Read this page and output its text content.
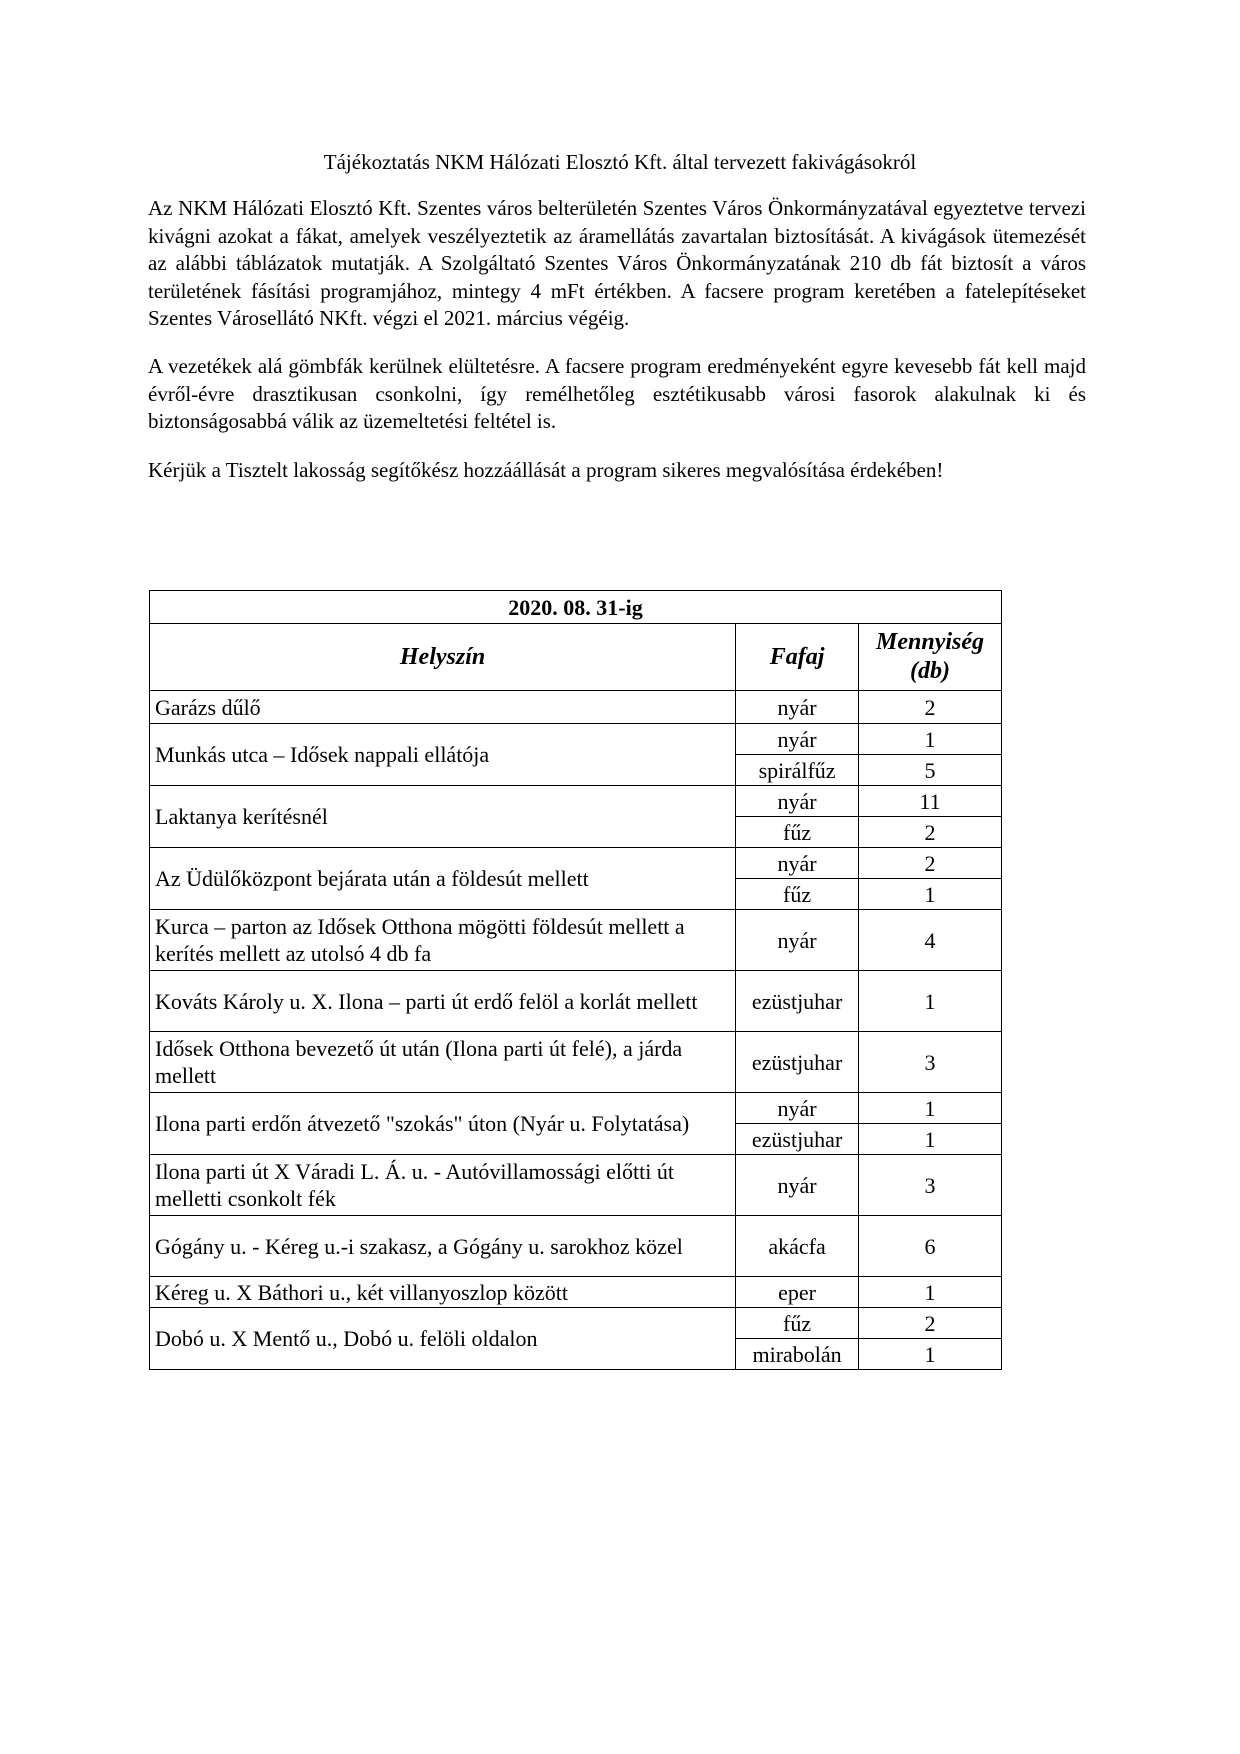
Tájékoztatás NKM Hálózati Elosztó Kft. által tervezett fakivágásokról

Az NKM Hálózati Elosztó Kft. Szentes város belterületén Szentes Város Önkormányzatával egyeztetve tervezi kivágni azokat a fákat, amelyek veszélyeztetik az áramellátás zavartalan biztosítását. A kivágások ütemezését az alábbi táblázatok mutatják. A Szolgáltató Szentes Város Önkormányzatának 210 db fát biztosít a város területének fásítási programjához, mintegy 4 mFt értékben. A facsere program keretében a fatelepítéseket Szentes Városellátó NKft. végzi el 2021. március végéig.

A vezetékek alá gömbfák kerülnek elültetésre. A facsere program eredményeként egyre kevesebb fát kell majd évről-évre drasztikusan csonkolni, így remélhetőleg esztétikusabb városi fasorok alakulnak ki és biztonságosabbá válik az üzemeltetési feltétel is.

Kérjük a Tisztelt lakosság segítőkész hozzáállását a program sikeres megvalósítása érdekében!

2020. 08. 31-ig		
Helyszín	Fafaj	Mennyiség (db)
Garázs dűlő	nyár	2
Munkás utca – Idősek nappali ellátója	nyár	1
	spirálfűz	5
Laktanya kerítésnél	nyár	11
	fűz	2
Az Üdülőközpont bejárata után a földesút mellett	nyár	2
	fűz	1
Kurca – parton az Idősek Otthona mögötti földesút mellett a kerítés mellett az utolsó 4 db fa	nyár	4
Kováts Károly u. X. Ilona – parti út erdő felöl a korlát mellett	ezüstjuhar	1
Idősek Otthona bevezető út után (Ilona parti út felé), a járda mellett	ezüstjuhar	3
Ilona parti erdőn átvezető "szokás" úton (Nyár u. Folytatása)	nyár	1
	ezüstjuhar	1
Ilona parti út X Váradi L. Á. u. - Autóvillamossági előtti út melletti csonkolt fék	nyár	3
Gógány u. - Kéreg u.-i szakasz, a Gógány u. sarokhoz közel	akácfa	6
Kéreg u. X Báthori u., két villanyoszlop között	eper	1
Dobó u. X Mentő u., Dobó u. felöli oldalon	fűz	2
	mirabolán	1
